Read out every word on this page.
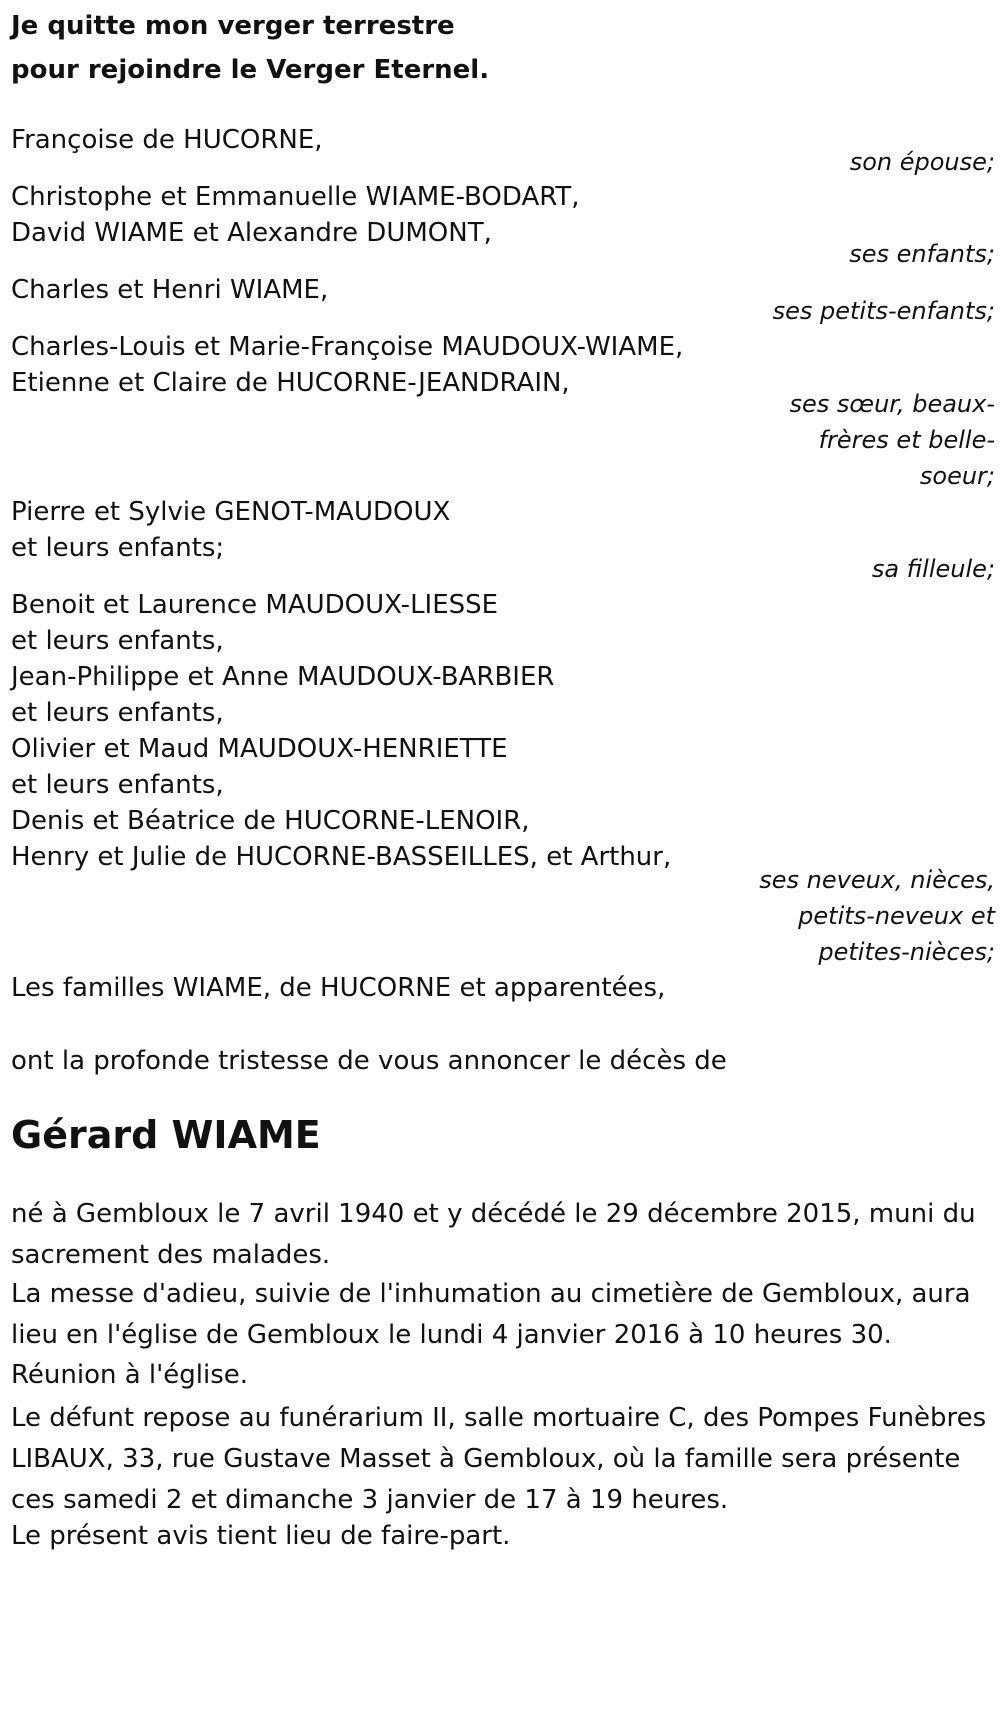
Je quitte mon verger terrestre

pour rejoindre le Verger Eternel.

Françoise de HUCORNE,

son épouse;

Christophe et Emmanuelle WIAME-BODART,

David WIAME et Alexandre DUMONT,

ses enfants;

Charles et Henri WIAME,

ses petits-enfants;

Charles-Louis et Marie-Françoise MAUDOUX-WIAME,

Etienne et Claire de HUCORNE-JEANDRAIN,

ses sœur, beaux-

frères et belle-

soeur;

Pierre et Sylvie GENOT-MAUDOUX

et leurs enfants;

sa filleule;

Benoit et Laurence MAUDOUX-LIESSE

et leurs enfants,

Jean-Philippe et Anne MAUDOUX-BARBIER

et leurs enfants,

Olivier et Maud MAUDOUX-HENRIETTE

et leurs enfants,

Denis et Béatrice de HUCORNE-LENOIR,

Henry et Julie de HUCORNE-BASSEILLES, et Arthur,

ses neveux, nièces,

petits-neveux et

petites-nièces;

Les familles WIAME, de HUCORNE et apparentées,

ont la profonde tristesse de vous annoncer le décès de

Gérard WIAME

né à Gembloux le 7 avril 1940 et y décédé le 29 décembre 2015, muni du sacrement des malades.

La messe d'adieu, suivie de l'inhumation au cimetière de Gembloux, aura lieu en l'église de Gembloux le lundi 4 janvier 2016 à 10 heures 30.

Réunion à l'église.

Le défunt repose au funérarium II, salle mortuaire C, des Pompes Funèbres LIBAUX, 33, rue Gustave Masset à Gembloux, où la famille sera présente ces samedi 2 et dimanche 3 janvier de 17 à 19 heures.

Le présent avis tient lieu de faire-part.
